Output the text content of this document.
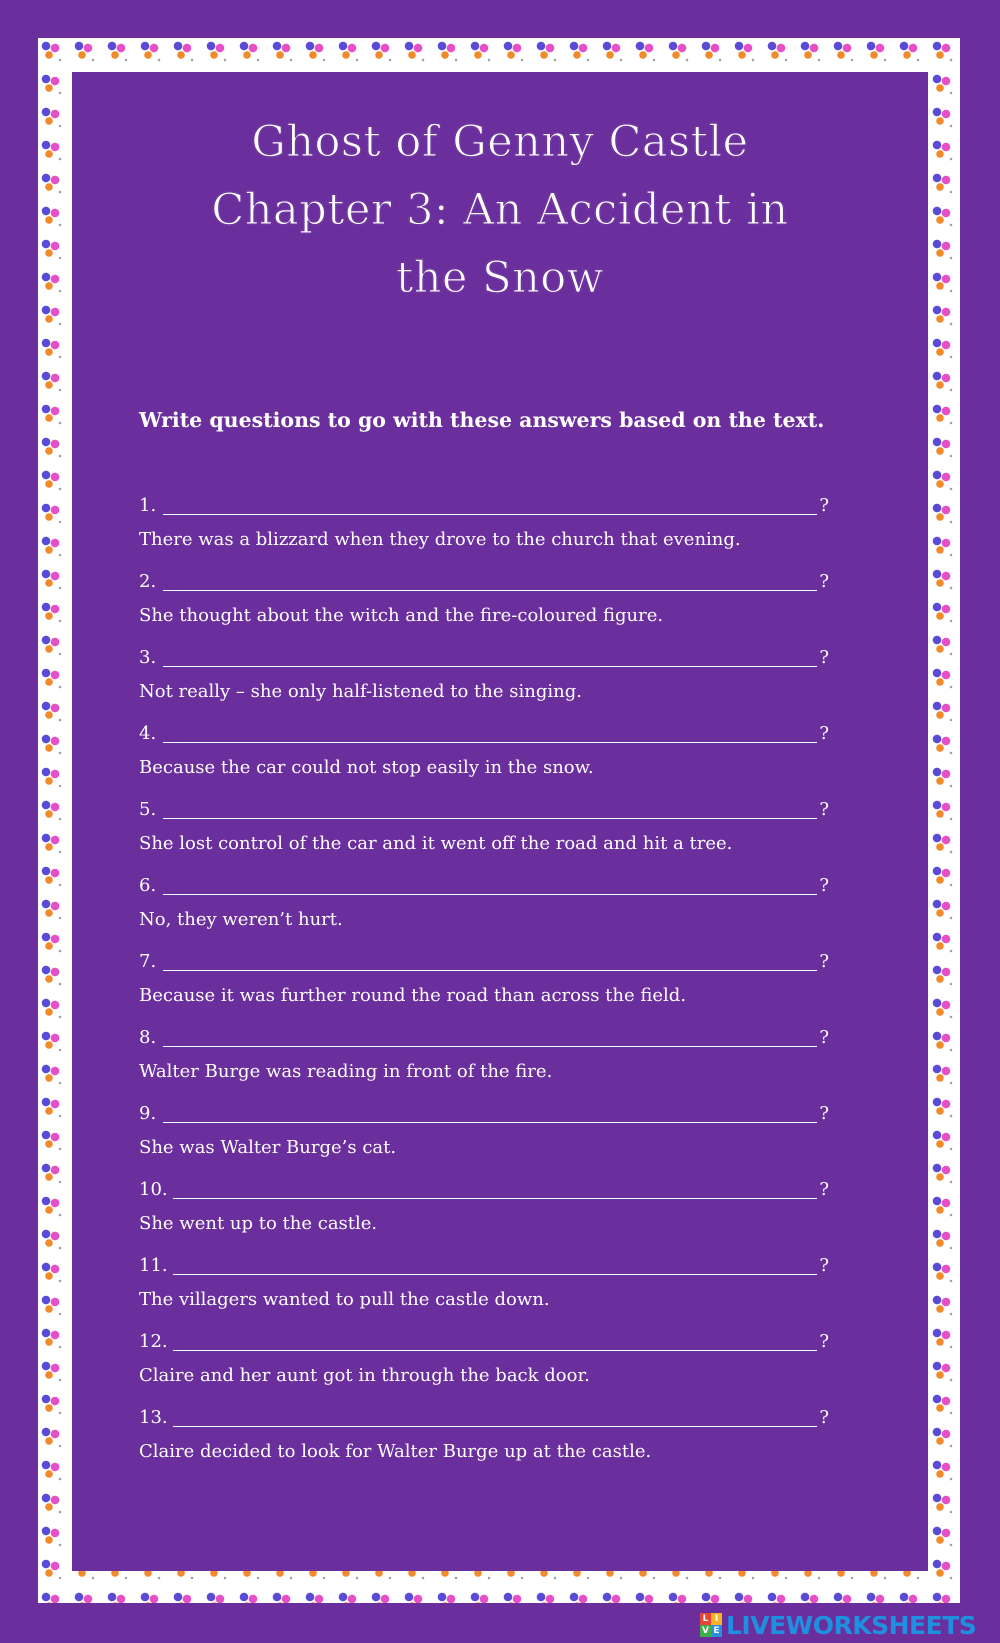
Ghost of Genny Castle
Chapter 3: An Accident in
the Snow

Write questions to go with these answers based on the text.

1.	?
There was a blizzard when they drove to the church that evening.
2.	?
She thought about the witch and the fire-coloured figure.
3.	?
Not really – she only half-listened to the singing.
4.	?
Because the car could not stop easily in the snow.
5.	?
She lost control of the car and it went off the road and hit a tree.
6.	?
No, they weren’t hurt.
7.	?
Because it was further round the road than across the field.
8.	?
Walter Burge was reading in front of the fire.
9.	?
She was Walter Burge’s cat.
10.	?
She went up to the castle.
11.	?
The villagers wanted to pull the castle down.
12.	?
Claire and her aunt got in through the back door.
13.	?
Claire decided to look for Walter Burge up at the castle.
L I
V E LIVEWORKSHEETS
